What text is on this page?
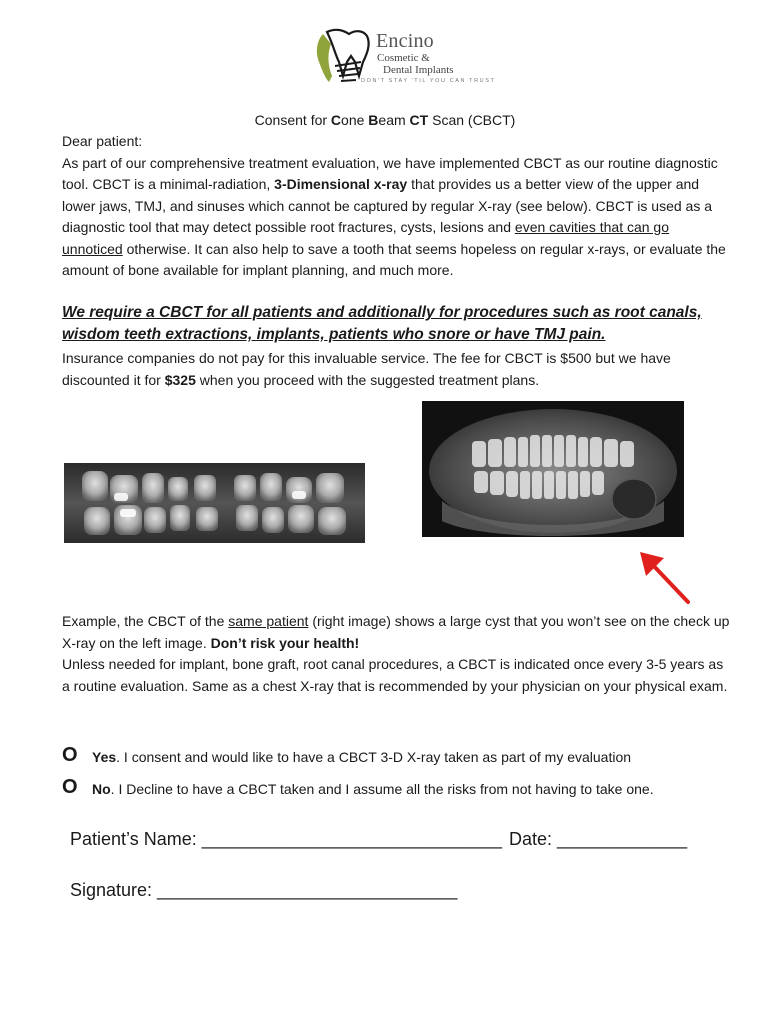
Encino
Cosmetic &
Dental Implants
DON'T STAY 'TIL YOU CAN TRUST
Consent for Cone Beam CT Scan (CBCT)
Dear patient:
As part of our comprehensive treatment evaluation, we have implemented CBCT as our routine diagnostic tool. CBCT is a minimal-radiation, 3-Dimensional x-ray that provides us a better view of the upper and lower jaws, TMJ, and sinuses which cannot be captured by regular X-ray (see below). CBCT is used as a diagnostic tool that may detect possible root fractures, cysts, lesions and even cavities that can go unnoticed otherwise. It can also help to save a tooth that seems hopeless on regular x-rays, or evaluate the amount of bone available for implant planning, and much more.
We require a CBCT for all patients and additionally for procedures such as root canals, wisdom teeth extractions, implants, patients who snore or have TMJ pain.
Insurance companies do not pay for this invaluable service. The fee for CBCT is $500 but we have discounted it for $325 when you proceed with the suggested treatment plans.
Example, the CBCT of the same patient (right image) shows a large cyst that you won’t see on the check up X-ray on the left image. Don’t risk your health!
Unless needed for implant, bone graft, root canal procedures, a CBCT is indicated once every 3-5 years as a routine evaluation. Same as a chest X-ray that is recommended by your physician on your physical exam.
O Yes. I consent and would like to have a CBCT 3-D X-ray taken as part of my evaluation
O No. I Decline to have a CBCT taken and I assume all the risks from not having to take one.
Patient’s Name: ______________________________ Date: _____________
Signature: ______________________________
